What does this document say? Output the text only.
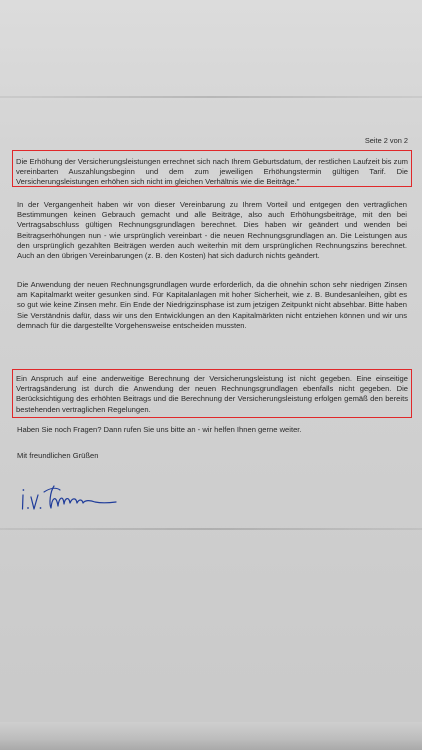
Seite 2 von 2

Die Erhöhung der Versicherungsleistungen errechnet sich nach Ihrem Geburtsdatum, der restlichen Laufzeit bis zum vereinbarten Auszahlungsbeginn und dem zum jeweiligen Erhöhungstermin gültigen Tarif. Die Versicherungsleistungen erhöhen sich nicht im gleichen Verhältnis wie die Beiträge."

In der Vergangenheit haben wir von dieser Vereinbarung zu Ihrem Vorteil und entgegen den vertraglichen Bestimmungen keinen Gebrauch gemacht und alle Beiträge, also auch Erhöhungsbeiträge, mit den bei Vertragsabschluss gültigen Rechnungsgrundlagen berechnet. Dies haben wir geändert und wenden bei Beitragserhöhungen nun - wie ursprünglich vereinbart - die neuen Rechnungsgrundlagen an. Die Leistungen aus den ursprünglich gezahlten Beiträgen werden auch weiterhin mit dem ursprünglichen Rechnungszins berechnet. Auch an den übrigen Vereinbarungen (z. B. den Kosten) hat sich dadurch nichts geändert.

Die Anwendung der neuen Rechnungsgrundlagen wurde erforderlich, da die ohnehin schon sehr niedrigen Zinsen am Kapitalmarkt weiter gesunken sind. Für Kapitalanlagen mit hoher Sicherheit, wie z. B. Bundesanleihen, gibt es so gut wie keine Zinsen mehr. Ein Ende der Niedrigzinsphase ist zum jetzigen Zeitpunkt nicht absehbar. Bitte haben Sie Verständnis dafür, dass wir uns den Entwicklungen an den Kapitalmärkten nicht entziehen können und wir uns demnach für die dargestellte Vorgehensweise entscheiden mussten.

Ein Anspruch auf eine anderweitige Berechnung der Versicherungsleistung ist nicht gegeben. Eine einseitige Vertragsänderung ist durch die Anwendung der neuen Rechnungsgrundlagen ebenfalls nicht gegeben. Die Berücksichtigung des erhöhten Beitrags und die Berechnung der Versicherungsleistung erfolgen gemäß den bereits bestehenden vertraglichen Regelungen.

Haben Sie noch Fragen? Dann rufen Sie uns bitte an - wir helfen Ihnen gerne weiter.

Mit freundlichen Grüßen
